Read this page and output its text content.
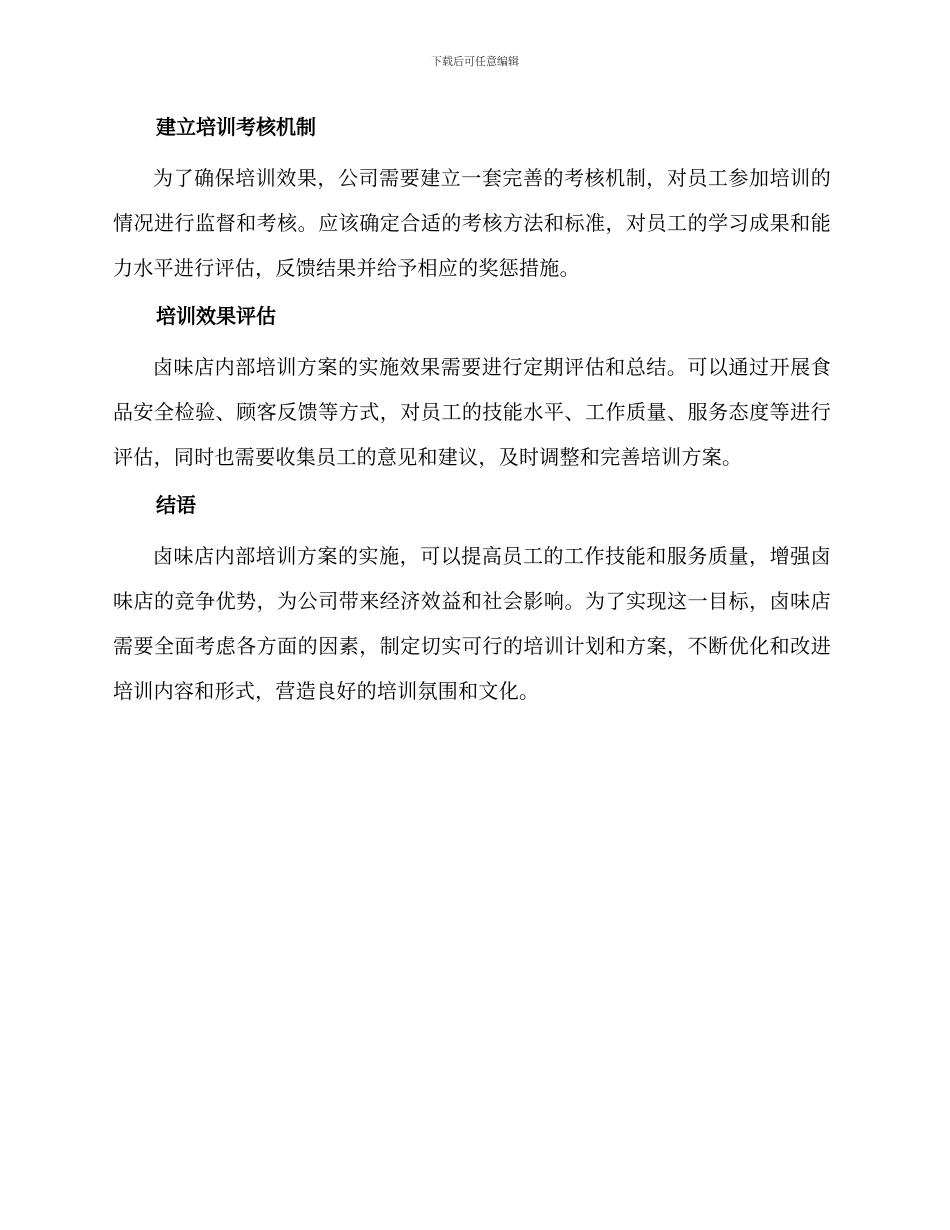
下载后可任意编辑
建立培训考核机制

为了确保培训效果，公司需要建立一套完善的考核机制，对员工参加培训的情况进行监督和考核。应该确定合适的考核方法和标准，对员工的学习成果和能力水平进行评估，反馈结果并给予相应的奖惩措施。

培训效果评估

卤味店内部培训方案的实施效果需要进行定期评估和总结。可以通过开展食品安全检验、顾客反馈等方式，对员工的技能水平、工作质量、服务态度等进行评估，同时也需要收集员工的意见和建议，及时调整和完善培训方案。

结语

卤味店内部培训方案的实施，可以提高员工的工作技能和服务质量，增强卤味店的竞争优势，为公司带来经济效益和社会影响。为了实现这一目标，卤味店需要全面考虑各方面的因素，制定切实可行的培训计划和方案，不断优化和改进培训内容和形式，营造良好的培训氛围和文化。
